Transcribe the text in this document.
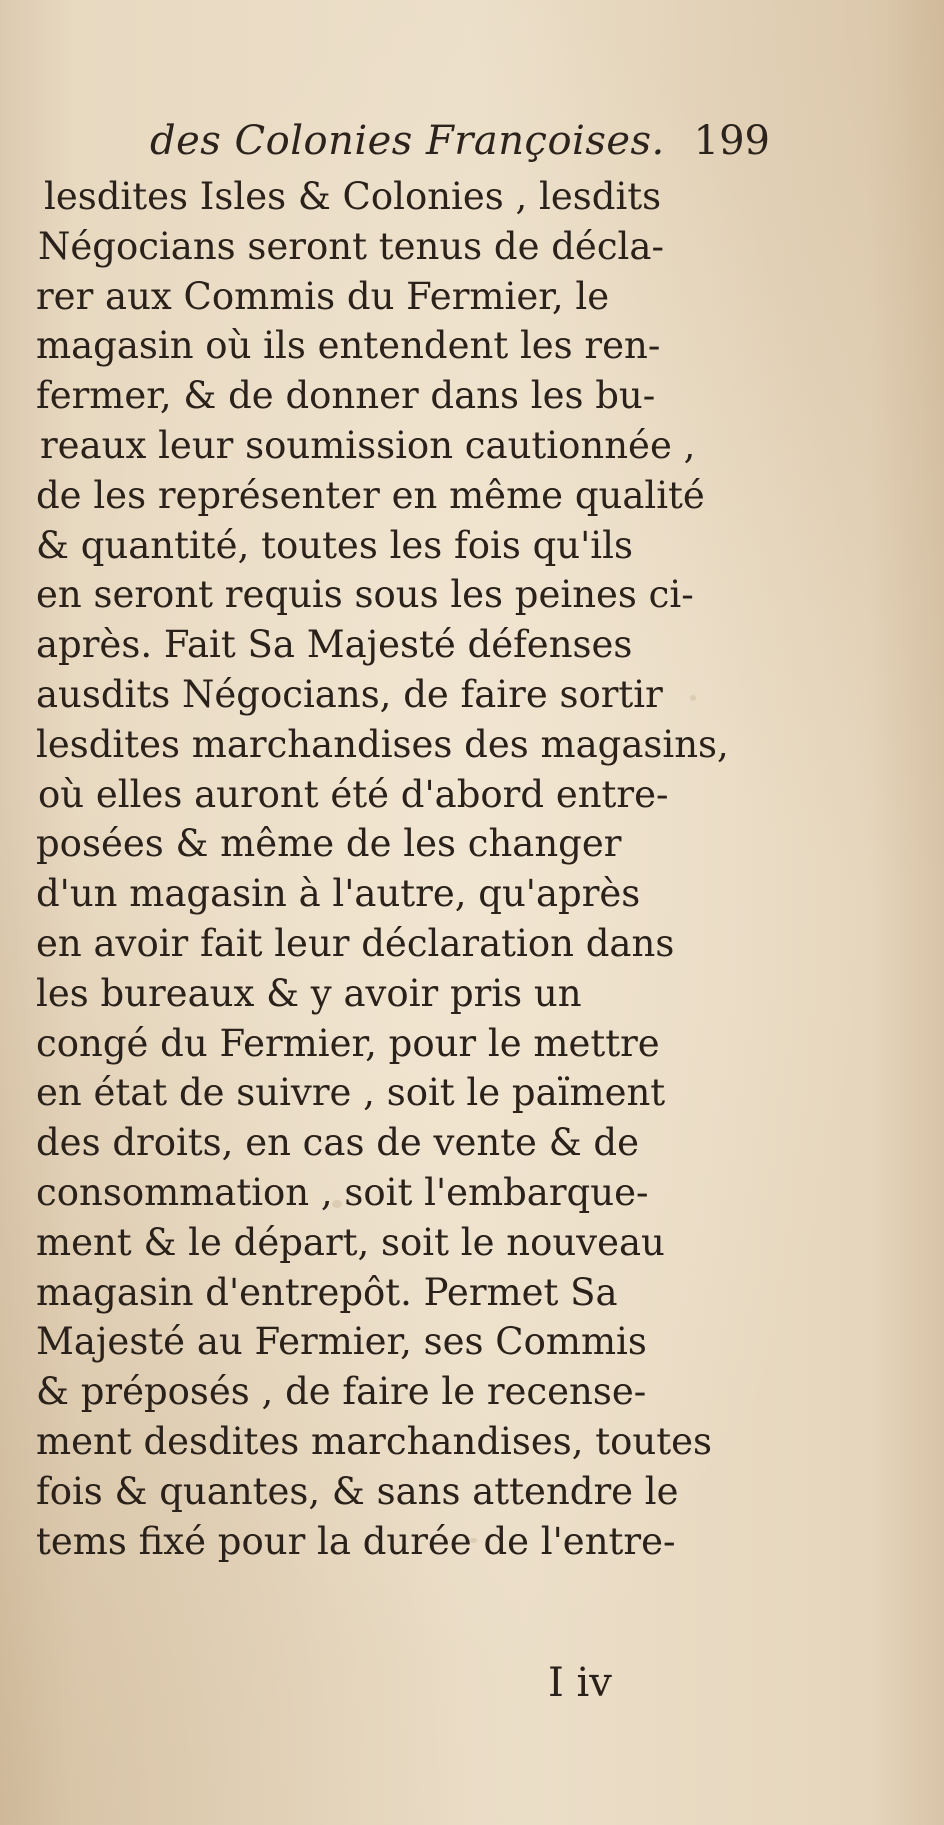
des Colonies Françoises. 199
lesdites Isles & Colonies , lesdits
Négocians seront tenus de décla-
rer aux Commis du Fermier, le
magasin où ils entendent les ren-
fermer, & de donner dans les bu-
reaux leur soumission cautionnée ,
de les représenter en même qualité
& quantité, toutes les fois qu'ils
en seront requis sous les peines ci-
après. Fait Sa Majesté défenses
ausdits Négocians, de faire sortir
lesdites marchandises des magasins,
où elles auront été d'abord entre-
posées & même de les changer
d'un magasin à l'autre, qu'après
en avoir fait leur déclaration dans
les bureaux & y avoir pris un
congé du Fermier, pour le mettre
en état de suivre , soit le païment
des droits, en cas de vente & de
consommation , soit l'embarque-
ment & le départ, soit le nouveau
magasin d'entrepôt. Permet Sa
Majesté au Fermier, ses Commis
& préposés , de faire le recense-
ment desdites marchandises, toutes
fois & quantes, & sans attendre le
tems fixé pour la durée de l'entre-
I iv
